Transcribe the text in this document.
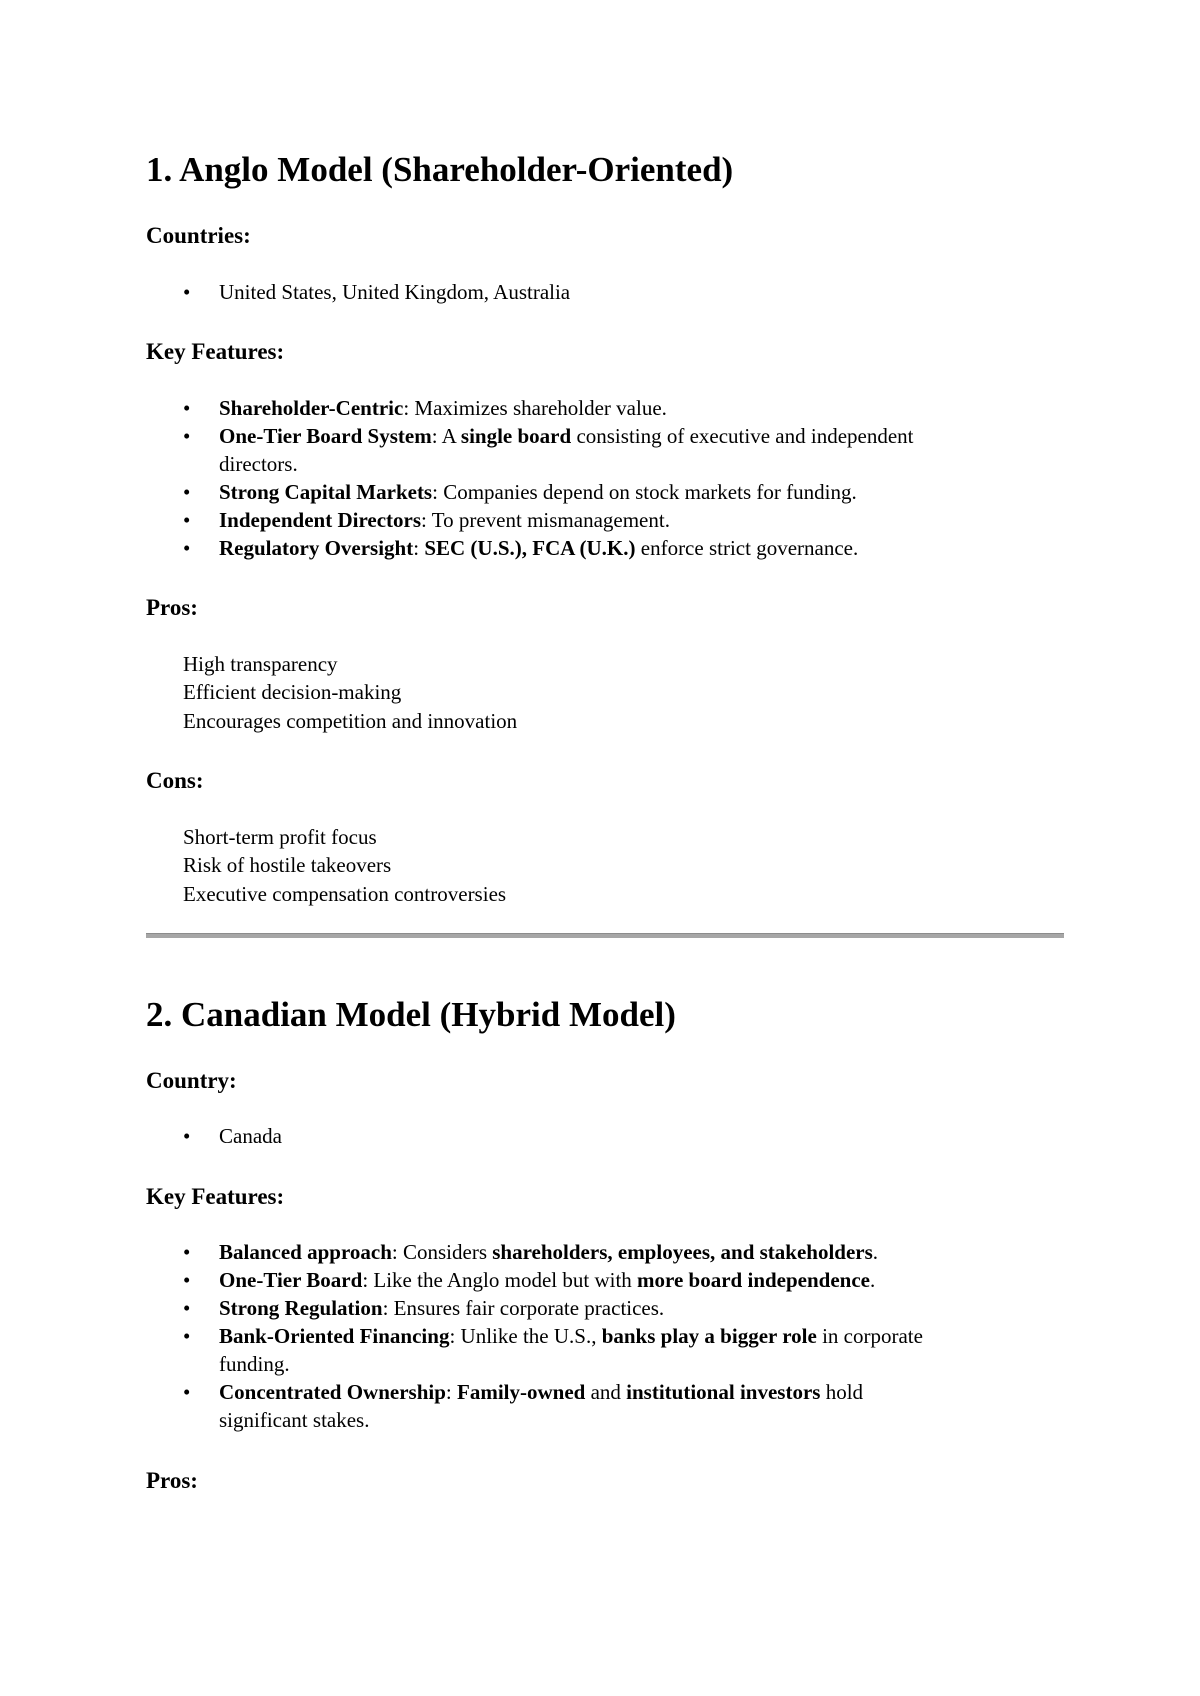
1. Anglo Model (Shareholder-Oriented)
Countries:
• United States, United Kingdom, Australia
Key Features:
• Shareholder-Centric: Maximizes shareholder value.
• One-Tier Board System: A single board consisting of executive and independent
directors.
• Strong Capital Markets: Companies depend on stock markets for funding.
• Independent Directors: To prevent mismanagement.
• Regulatory Oversight: SEC (U.S.), FCA (U.K.) enforce strict governance.
Pros:
High transparency
Efficient decision-making
Encourages competition and innovation
Cons:
Short-term profit focus
Risk of hostile takeovers
Executive compensation controversies
2. Canadian Model (Hybrid Model)
Country:
• Canada
Key Features:
• Balanced approach: Considers shareholders, employees, and stakeholders.
• One-Tier Board: Like the Anglo model but with more board independence.
• Strong Regulation: Ensures fair corporate practices.
• Bank-Oriented Financing: Unlike the U.S., banks play a bigger role in corporate
funding.
• Concentrated Ownership: Family-owned and institutional investors hold
significant stakes.
Pros:
